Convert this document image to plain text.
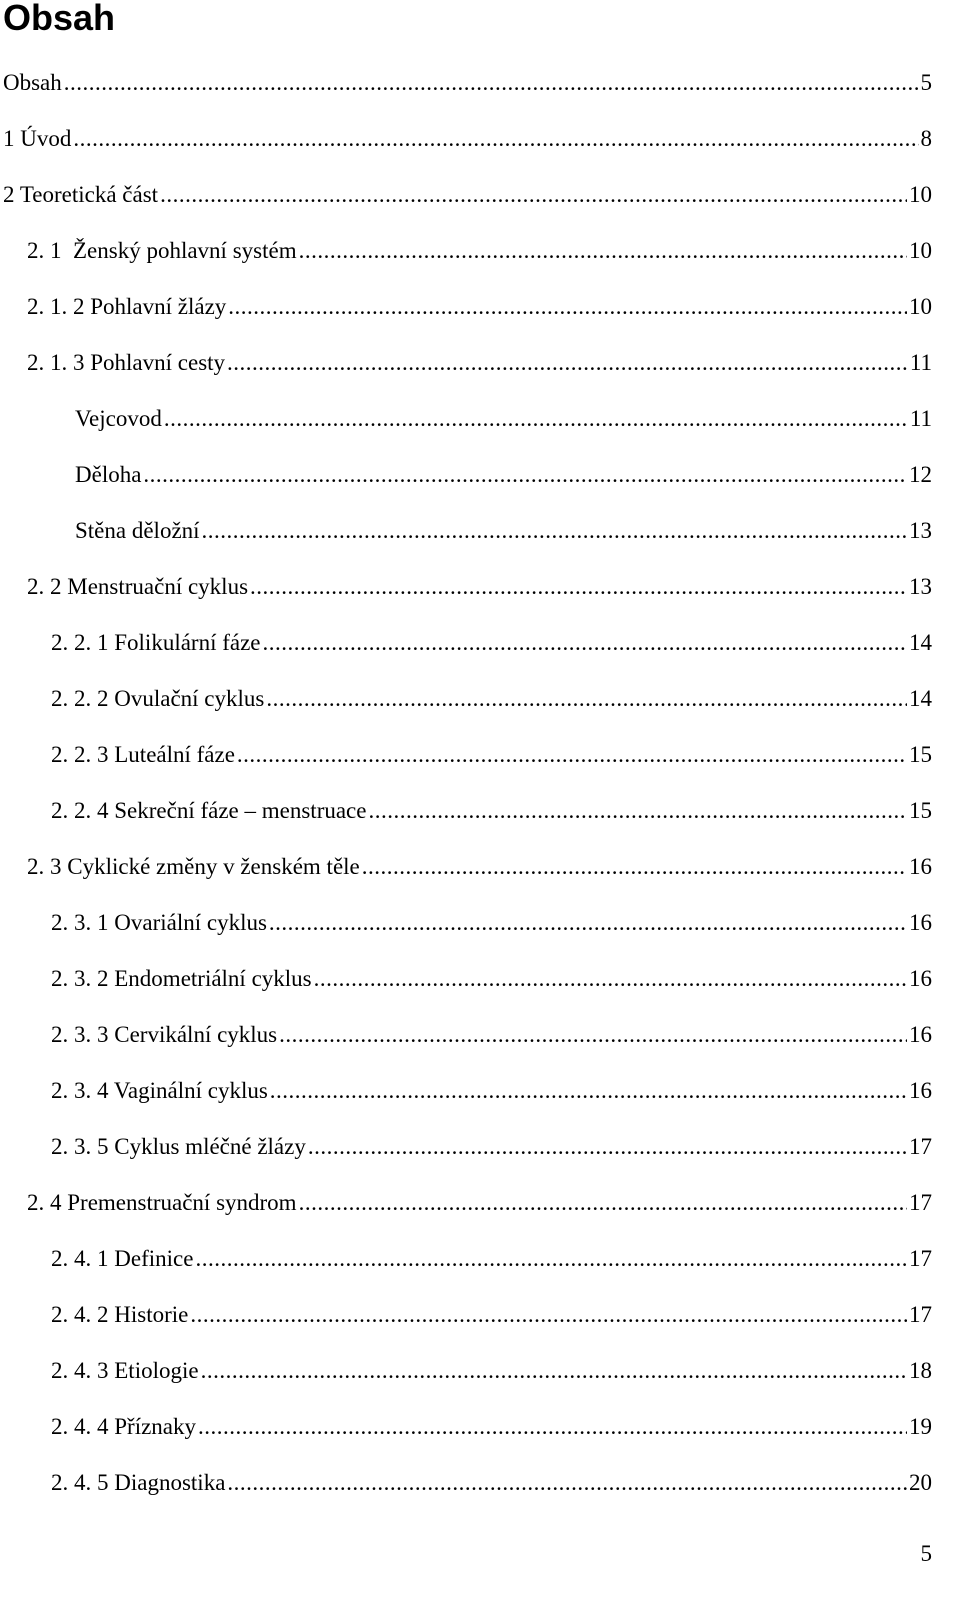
Obsah
Obsah .....	5
1 Úvod .....	8
2 Teoretická část .....	10
2. 1  Ženský pohlavní systém .....	10
2. 1. 2 Pohlavní žlázy .....	10
2. 1. 3 Pohlavní cesty .....	11
Vejcovod .....	11
Děloha .....	12
Stěna děložní .....	13
2. 2 Menstruační cyklus .....	13
2. 2. 1 Folikulární fáze .....	14
2. 2. 2 Ovulační cyklus .....	14
2. 2. 3 Luteální fáze .....	15
2. 2. 4 Sekreční fáze – menstruace .....	15
2. 3 Cyklické změny v ženském těle .....	16
2. 3. 1 Ovariální cyklus .....	16
2. 3. 2 Endometriální cyklus .....	16
2. 3. 3 Cervikální cyklus .....	16
2. 3. 4 Vaginální cyklus .....	16
2. 3. 5 Cyklus mléčné žlázy .....	17
2. 4 Premenstruační syndrom .....	17
2. 4. 1 Definice .....	17
2. 4. 2 Historie .....	17
2. 4. 3 Etiologie .....	18
2. 4. 4 Příznaky .....	19
2. 4. 5 Diagnostika .....	20
5
